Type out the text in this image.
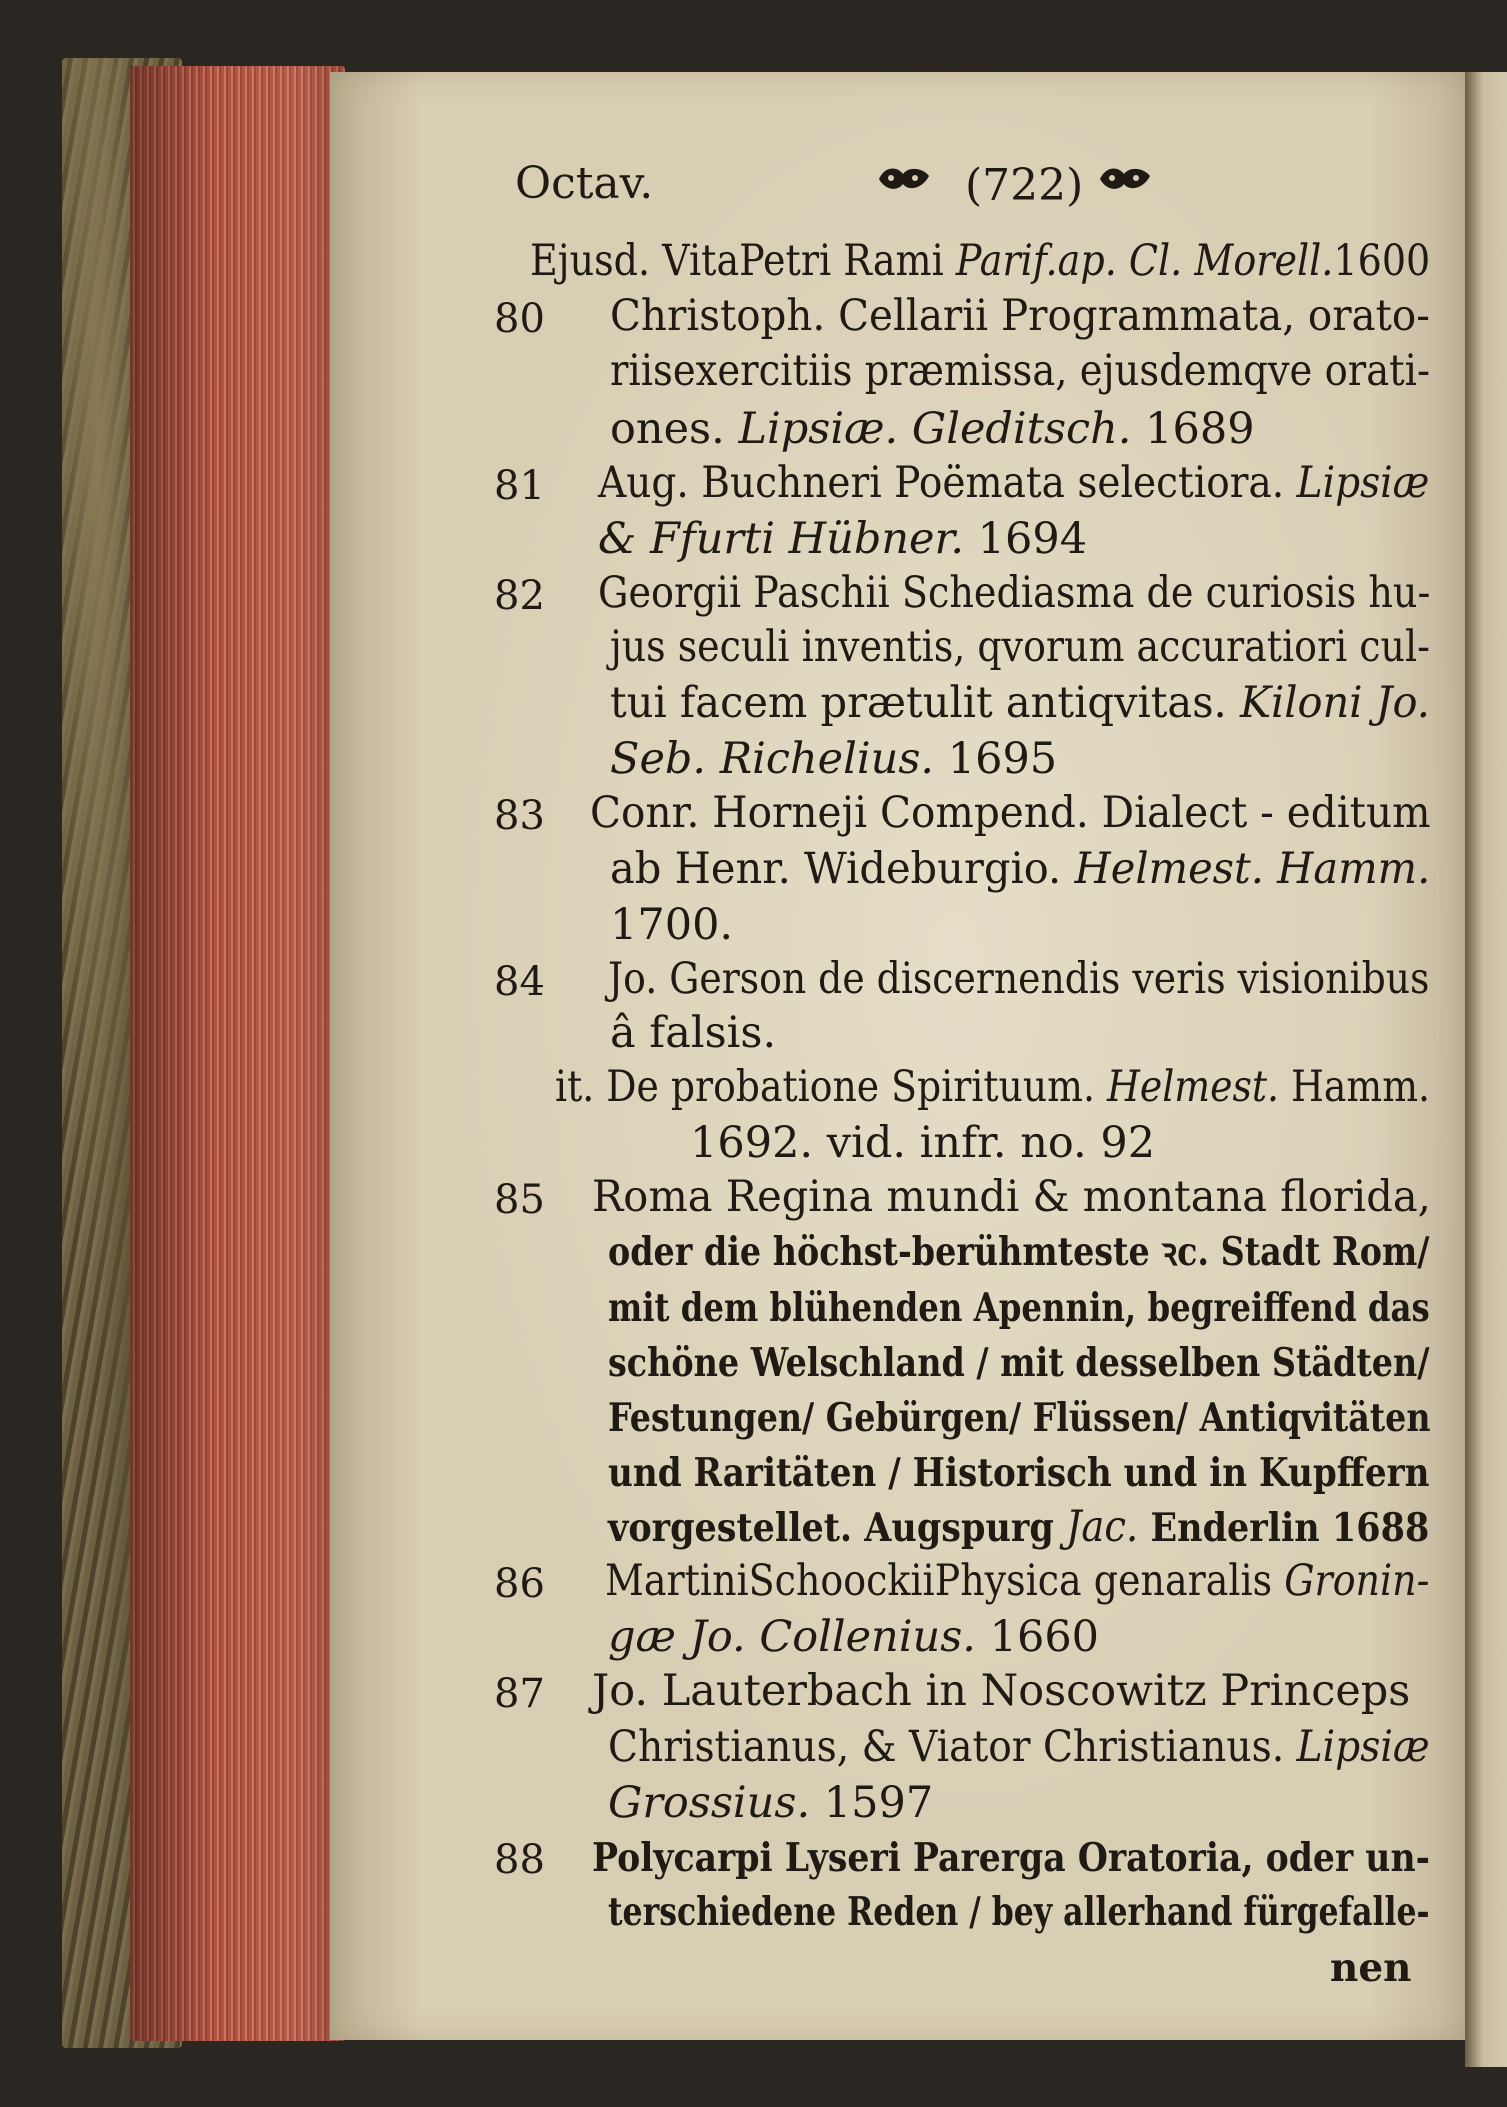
Octav.	(722)

Ejusd. VitaPetri Rami Parif.ap. Cl. Morell.1600

80 Christoph. Cellarii Programmata, orato-

riisexercitiis præmissa, ejusdemqve orati-

ones. Lipsiæ. Gleditsch. 1689

81 Aug. Buchneri Poëmata selectiora. Lipsiæ

& Ffurti Hübner. 1694

82 Georgii Paschii Schediasma de curiosis hu-

jus seculi inventis, qvorum accuratiori cul-

tui facem prætulit antiqvitas. Kiloni Jo.

Seb. Richelius. 1695

83 Conr. Horneji Compend. Dialect - editum

ab Henr. Wideburgio. Helmest. Hamm.

1700.

84 Jo. Gerson de discernendis veris visionibus

â falsis.

it. De probatione Spirituum. Helmest. Hamm.

1692. vid. infr. no. 92

85 Roma Regina mundi & montana florida,

oder die höchst-berühmteste ꝛc. Stadt Rom/

mit dem blühenden Apennin, begreiffend das

schöne Welschland / mit desselben Städten/

Festungen/ Gebürgen/ Flüssen/ Antiqvitäten

und Raritäten / Historisch und in Kupffern

vorgestellet. Augspurg Jac. Enderlin 1688

86 MartiniSchoockiiPhysica genaralis Gronin-

gæ Jo. Collenius. 1660

87 Jo. Lauterbach in Noscowitz Princeps

Christianus, & Viator Christianus. Lipsiæ

Grossius. 1597

88 Polycarpi Lyseri Parerga Oratoria, oder un-

terschiedene Reden / bey allerhand fürgefalle-

nen
